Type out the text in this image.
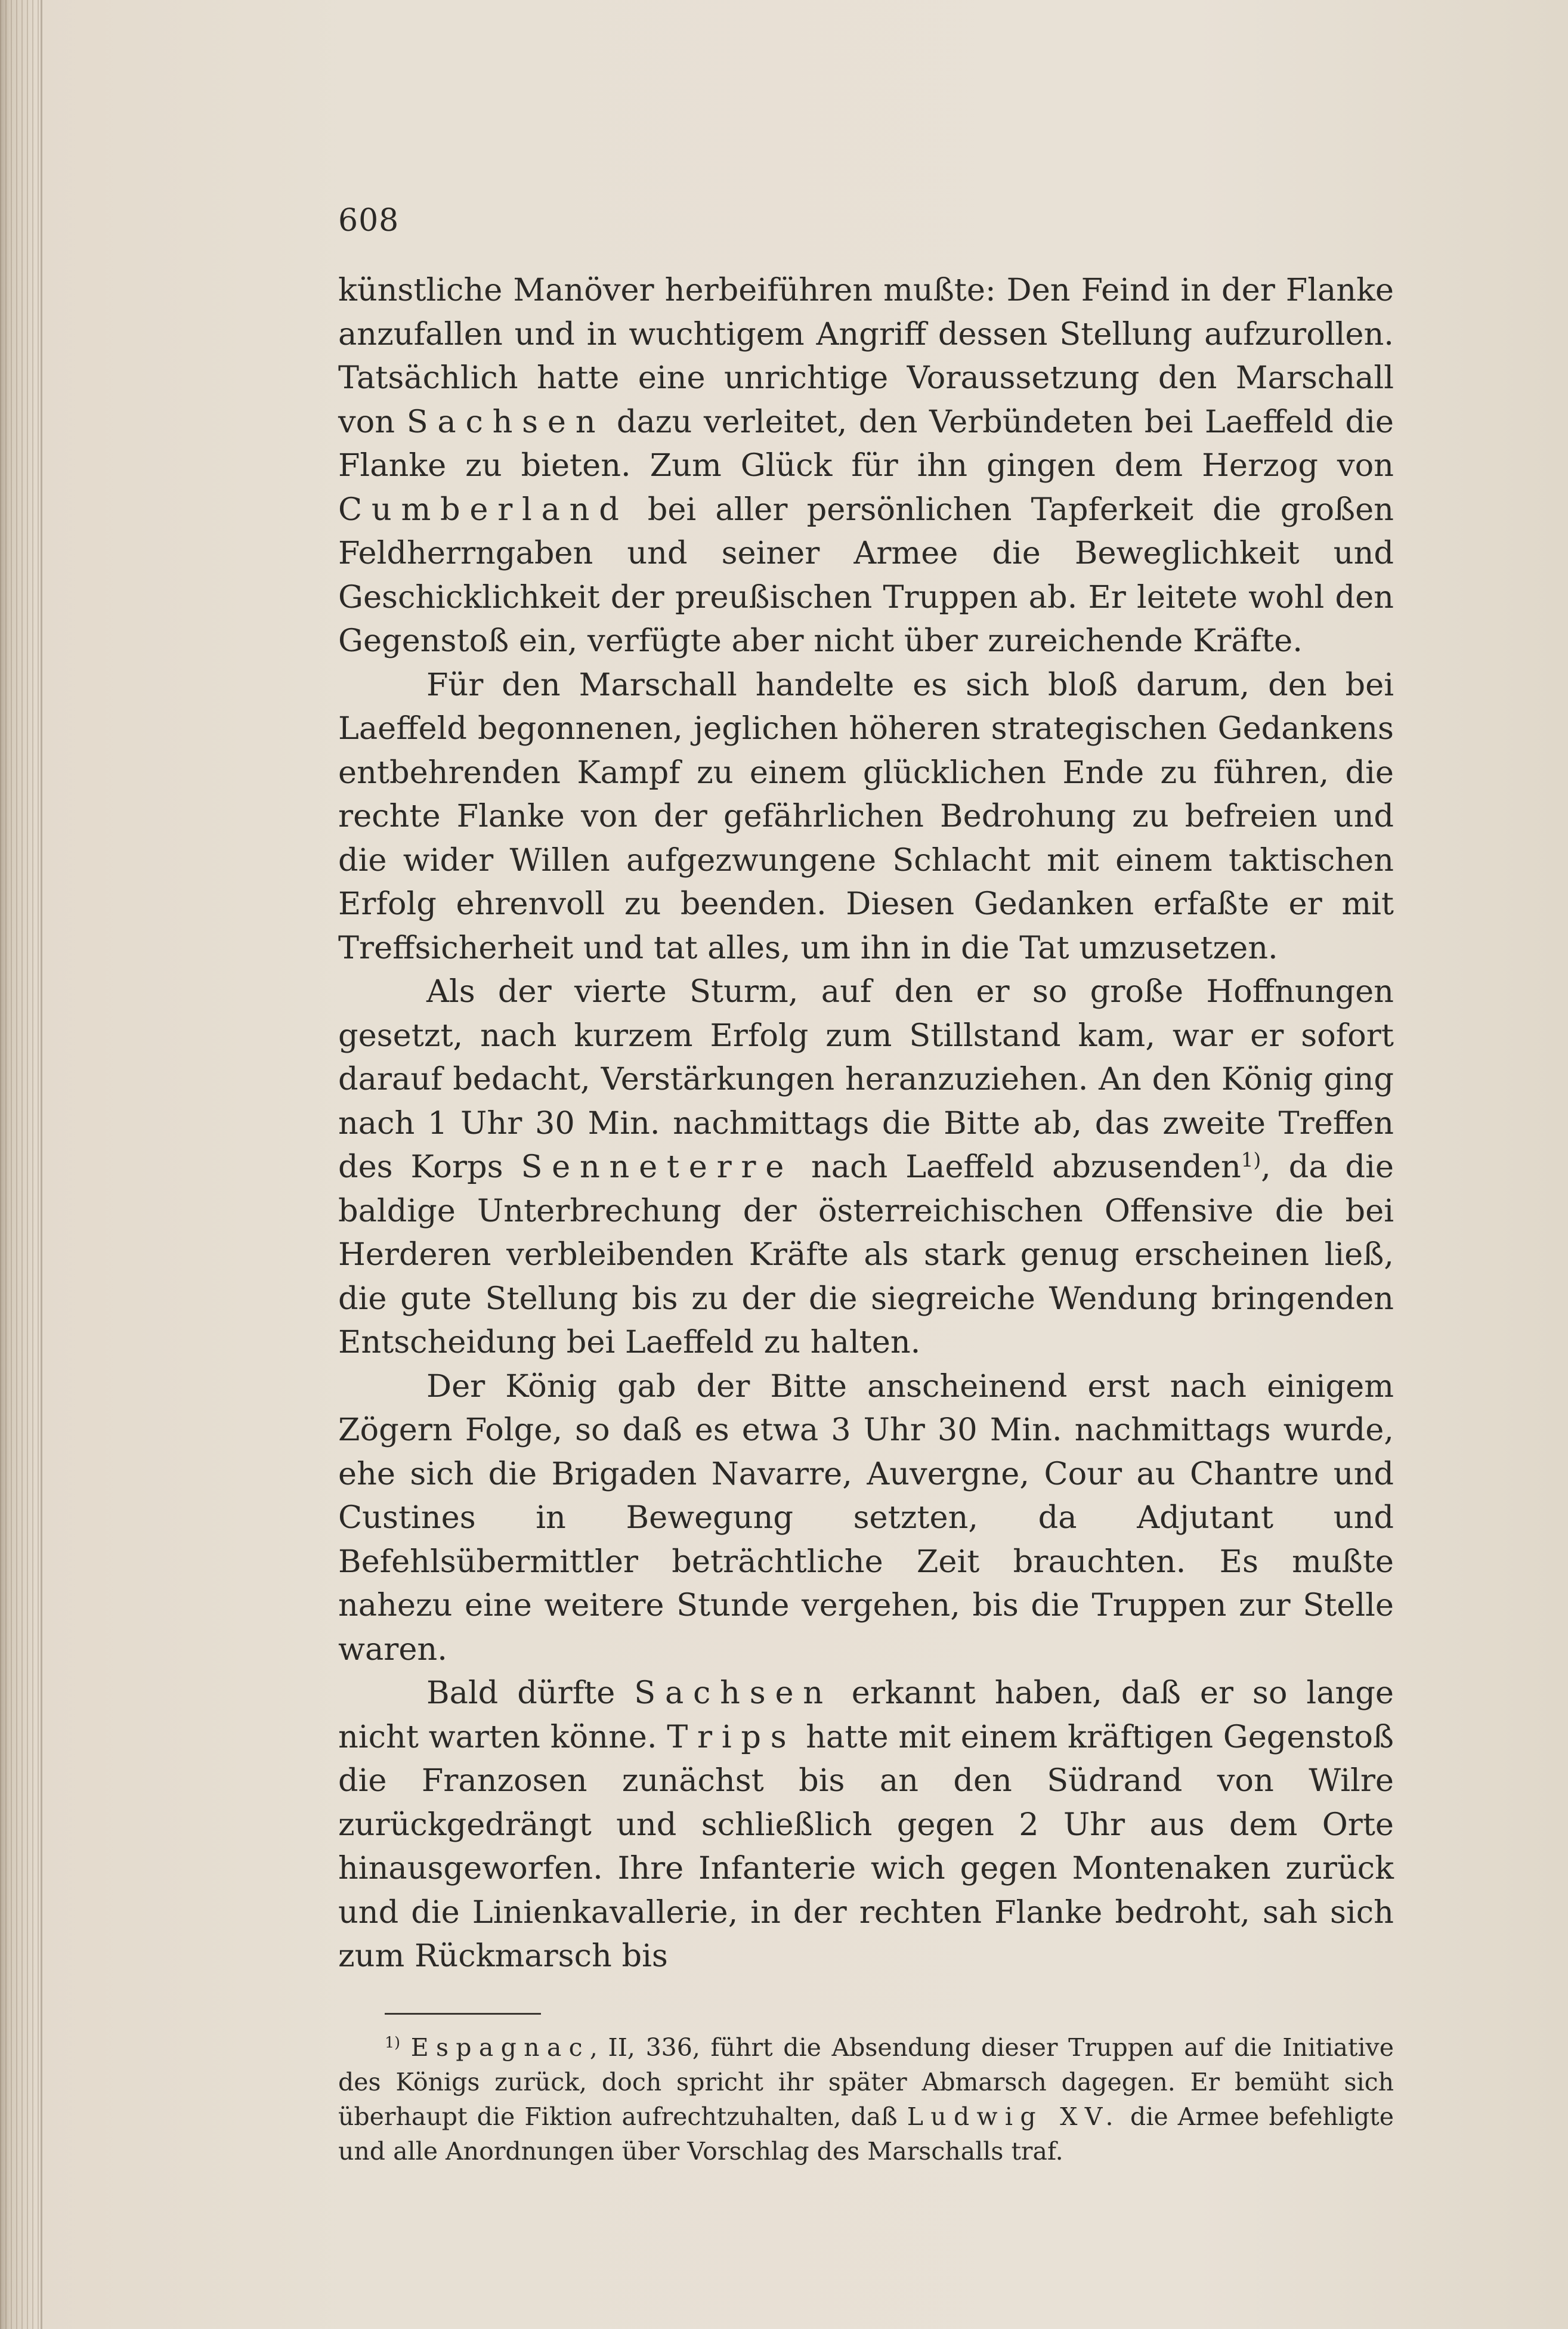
608

künstliche Manöver herbeiführen mußte: Den Feind in der Flanke anzufallen und in wuchtigem Angriff dessen Stellung aufzurollen. Tatsächlich hatte eine unrichtige Voraussetzung den Marschall von Sachsen dazu verleitet, den Verbündeten bei Laeffeld die Flanke zu bieten. Zum Glück für ihn gingen dem Herzog von Cumberland bei aller persönlichen Tapferkeit die großen Feldherrngaben und seiner Armee die Beweglichkeit und Geschicklichkeit der preußischen Truppen ab. Er leitete wohl den Gegenstoß ein, verfügte aber nicht über zureichende Kräfte.

Für den Marschall handelte es sich bloß darum, den bei Laeffeld begonnenen, jeglichen höheren strategischen Gedankens entbehrenden Kampf zu einem glücklichen Ende zu führen, die rechte Flanke von der gefährlichen Bedrohung zu befreien und die wider Willen aufgezwungene Schlacht mit einem taktischen Erfolg ehrenvoll zu beenden. Diesen Gedanken erfaßte er mit Treffsicherheit und tat alles, um ihn in die Tat umzusetzen.

Als der vierte Sturm, auf den er so große Hoffnungen gesetzt, nach kurzem Erfolg zum Stillstand kam, war er sofort darauf bedacht, Verstärkungen heranzuziehen. An den König ging nach 1 Uhr 30 Min. nachmittags die Bitte ab, das zweite Treffen des Korps Senneterre nach Laeffeld abzusenden$^{1)}$, da die baldige Unterbrechung der österreichischen Offensive die bei Herderen verbleibenden Kräfte als stark genug erscheinen ließ, die gute Stellung bis zu der die siegreiche Wendung bringenden Entscheidung bei Laeffeld zu halten.

Der König gab der Bitte anscheinend erst nach einigem Zögern Folge, so daß es etwa 3 Uhr 30 Min. nachmittags wurde, ehe sich die Brigaden Navarre, Auvergne, Cour au Chantre und Custines in Bewegung setzten, da Adjutant und Befehlsübermittler beträchtliche Zeit brauchten. Es mußte nahezu eine weitere Stunde vergehen, bis die Truppen zur Stelle waren.

Bald dürfte Sachsen erkannt haben, daß er so lange nicht warten könne. Trips hatte mit einem kräftigen Gegenstoß die Franzosen zunächst bis an den Südrand von Wilre zurückgedrängt und schließlich gegen 2 Uhr aus dem Orte hinausgeworfen. Ihre Infanterie wich gegen Montenaken zurück und die Linienkavallerie, in der rechten Flanke bedroht, sah sich zum Rückmarsch bis

$^{1)}$ Espagnac, II, 336, führt die Absendung dieser Truppen auf die Initiative des Königs zurück, doch spricht ihr später Abmarsch dagegen. Er bemüht sich überhaupt die Fiktion aufrechtzuhalten, daß Ludwig XV. die Armee befehligte und alle Anordnungen über Vorschlag des Marschalls traf.
